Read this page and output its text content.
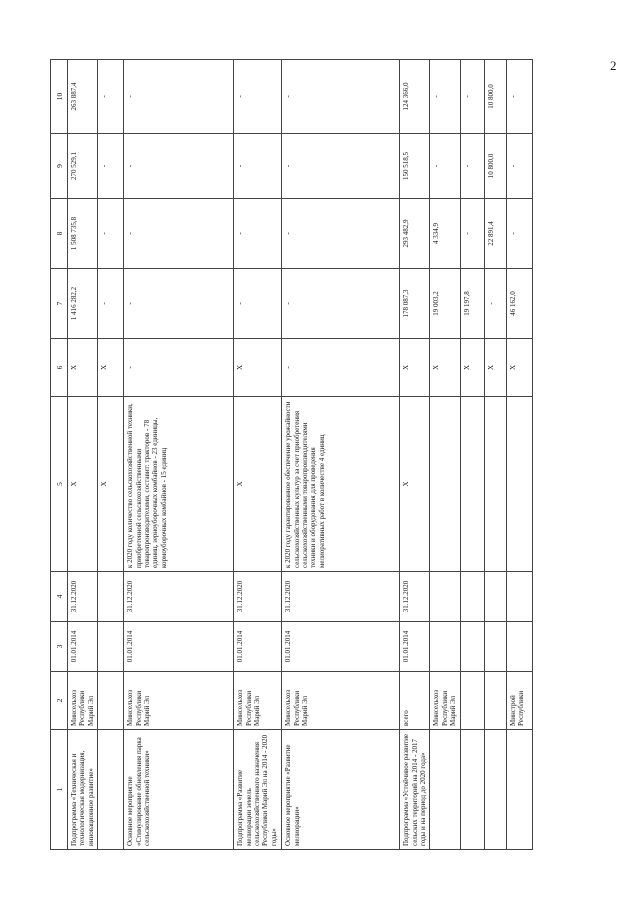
2
1	2	3	4	5	6	7	8	9	10
Подпрограмма «Техническая и технологическая модернизация, инновационное развитие»	Минсельхоз Республики Марий Эл	01.01.2014	31.12.2020	X	X	1 416 282,2	1 508 735,8	270 529,1	263 887,4
				X	X	-	-	-	-
Основное мероприятие «Стимулирование обновления парка сельскохозяйственной техники»	Минсельхоз Республики Марий Эл	01.01.2014	31.12.2020	к 2020 году количество сельскохозяйственной техники, приобретенной сельскохозяйственными товаропроизводителями, составит: тракторов - 78 единиц, зерноуборочных комбайнов - 23 единицы, кормоуборочных комбайнов - 15 единиц	-	-	-	-	-
Подпрограмма «Развитие мелиорации земель сельскохозяйственного назначения Республики Марий Эл на 2014 - 2020 годы»	Минсельхоз Республики Марий Эл	01.01.2014	31.12.2020	X	X	-	-	-	-
Основное мероприятие «Развитие мелиорации»	Минсельхоз Республики Марий Эл	01.01.2014	31.12.2020	к 2020 году гарантированное обеспечение урожайности сельскохозяйственных культур за счет приобретения сельскохозяйственными товаропроизводителями техники и оборудования для проведения мелиоративных работ в количестве 4 единиц	-	-	-	-	-
Подпрограмма «Устойчивое развитие сельских территорий на 2014 - 2017 годы и на период до 2020 года»	всего	01.01.2014	31.12.2020	X	X	178 087,3	293 482,9	150 518,5	124 366,0
	Минсельхоз Республики Марий Эл				X	19 003,2	4 334,9	-	-
					X	19 197,8	-	-	-
					X	-	22 891,4	10 800,0	10 800,0
	Минстрой Республики				X	46 162,0	-	-	-
